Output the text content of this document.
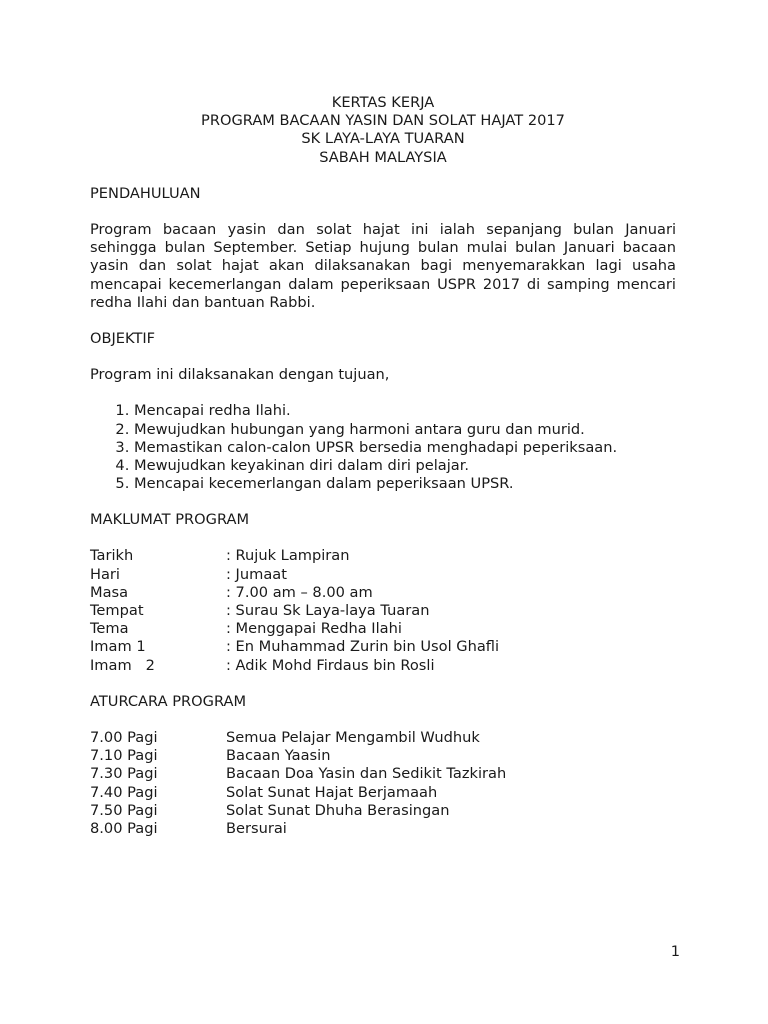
KERTAS KERJA
PROGRAM BACAAN YASIN DAN SOLAT HAJAT 2017
SK LAYA-LAYA TUARAN
SABAH MALAYSIA
PENDAHULUAN
Program bacaan yasin dan solat hajat ini ialah sepanjang bulan Januari sehingga bulan September. Setiap hujung bulan mulai bulan Januari bacaan yasin dan solat hajat akan dilaksanakan bagi menyemarakkan lagi usaha mencapai kecemerlangan dalam peperiksaan USPR 2017 di samping mencari redha Ilahi dan bantuan Rabbi.
OBJEKTIF
Program ini dilaksanakan dengan tujuan,
1. Mencapai redha Ilahi.
2. Mewujudkan hubungan yang harmoni antara guru dan murid.
3. Memastikan calon-calon UPSR bersedia menghadapi peperiksaan.
4. Mewujudkan keyakinan diri dalam diri pelajar.
5. Mencapai kecemerlangan dalam peperiksaan UPSR.
MAKLUMAT PROGRAM
Tarikh	: Rujuk Lampiran
Hari	: Jumaat
Masa	: 7.00 am – 8.00 am
Tempat	: Surau Sk Laya-laya Tuaran
Tema	: Menggapai Redha Ilahi
Imam 1	: En Muhammad Zurin bin Usol Ghafli
Imam   2	: Adik Mohd Firdaus bin Rosli
ATURCARA PROGRAM
7.00 Pagi	Semua Pelajar Mengambil Wudhuk
7.10 Pagi	Bacaan Yaasin
7.30 Pagi	Bacaan Doa Yasin dan Sedikit Tazkirah
7.40 Pagi	Solat Sunat Hajat Berjamaah
7.50 Pagi	Solat Sunat Dhuha Berasingan
8.00 Pagi	Bersurai
1
